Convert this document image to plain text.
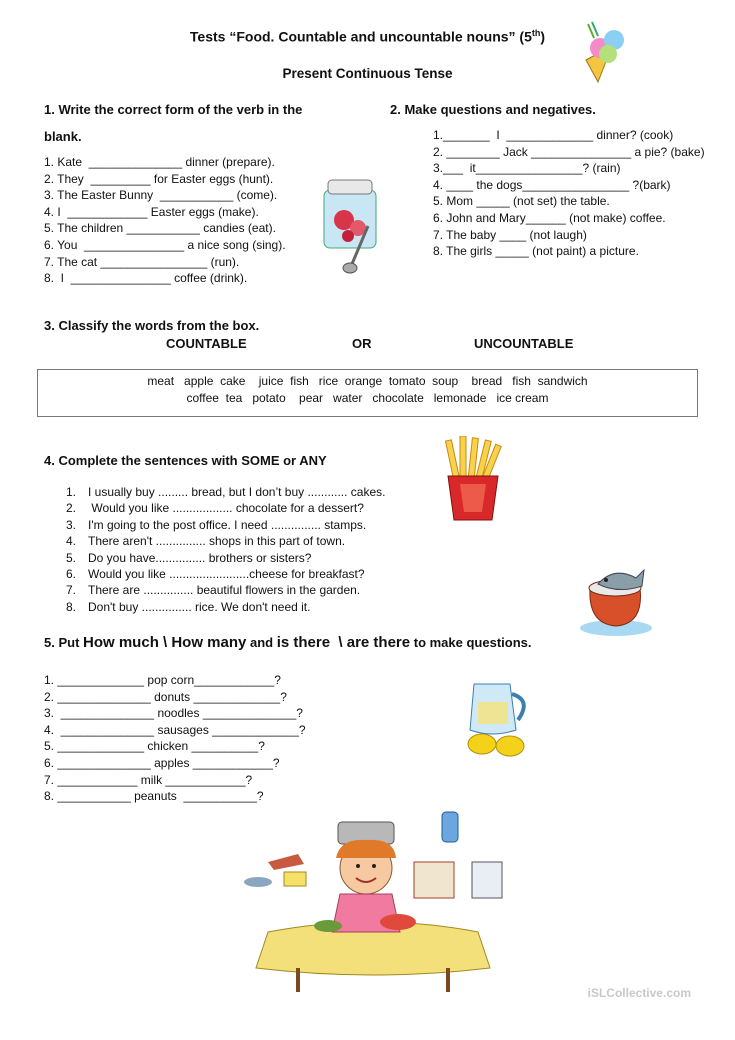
Tests “Food. Countable and uncountable nouns” (5th)
Present Continuous Tense
1. Write the correct form of the verb in the
blank.
1. Kate  ______________ dinner (prepare).
2. They  _________ for Easter eggs (hunt).
3. The Easter Bunny  ___________ (come).
4. I  ____________ Easter eggs (make).
5. The children ___________ candies (eat).
6. You  _______________ a nice song (sing).
7. The cat ________________ (run).
8.  I  _______________ coffee (drink).
2. Make questions and negatives.
1._______  I  _____________ dinner? (cook)
2. ________ Jack _______________ a pie? (bake)
3.___  it________________? (rain)
4. ____ the dogs________________ ?(bark)
5. Mom _____ (not set) the table.
6. John and Mary______ (not make) coffee.
7. The baby ____ (not laugh)
8. The girls _____ (not paint) a picture.
3. Classify the words from the box.
COUNTABLE	OR	UNCOUNTABLE
meat   apple  cake    juice  fish   rice  orange  tomato  soup    bread   fish  sandwich
coffee  tea   potato    pear   water   chocolate   lemonade   ice cream
4. Complete the sentences with SOME or ANY
1. I usually buy ......... bread, but I don’t buy ............ cakes.
2. Would you like .................. chocolate for a dessert?
3. I'm going to the post office. I need ............... stamps.
4. There aren't ............... shops in this part of town.
5. Do you have............... brothers or sisters?
6. Would you like ........................cheese for breakfast?
7. There are ............... beautiful flowers in the garden.
8. Don't buy ............... rice. We don't need it.
5. Put How much \ How many and is there  \ are there to make questions.
1. _____________ pop corn____________?
2. ______________ donuts _____________?
3.  ______________ noodles ______________?
4.  ______________ sausages _____________?
5. _____________ chicken __________?
6. ______________ apples ____________?
7. ____________ milk ____________?
8. ___________ peanuts  ___________?
iSLCollective.com
